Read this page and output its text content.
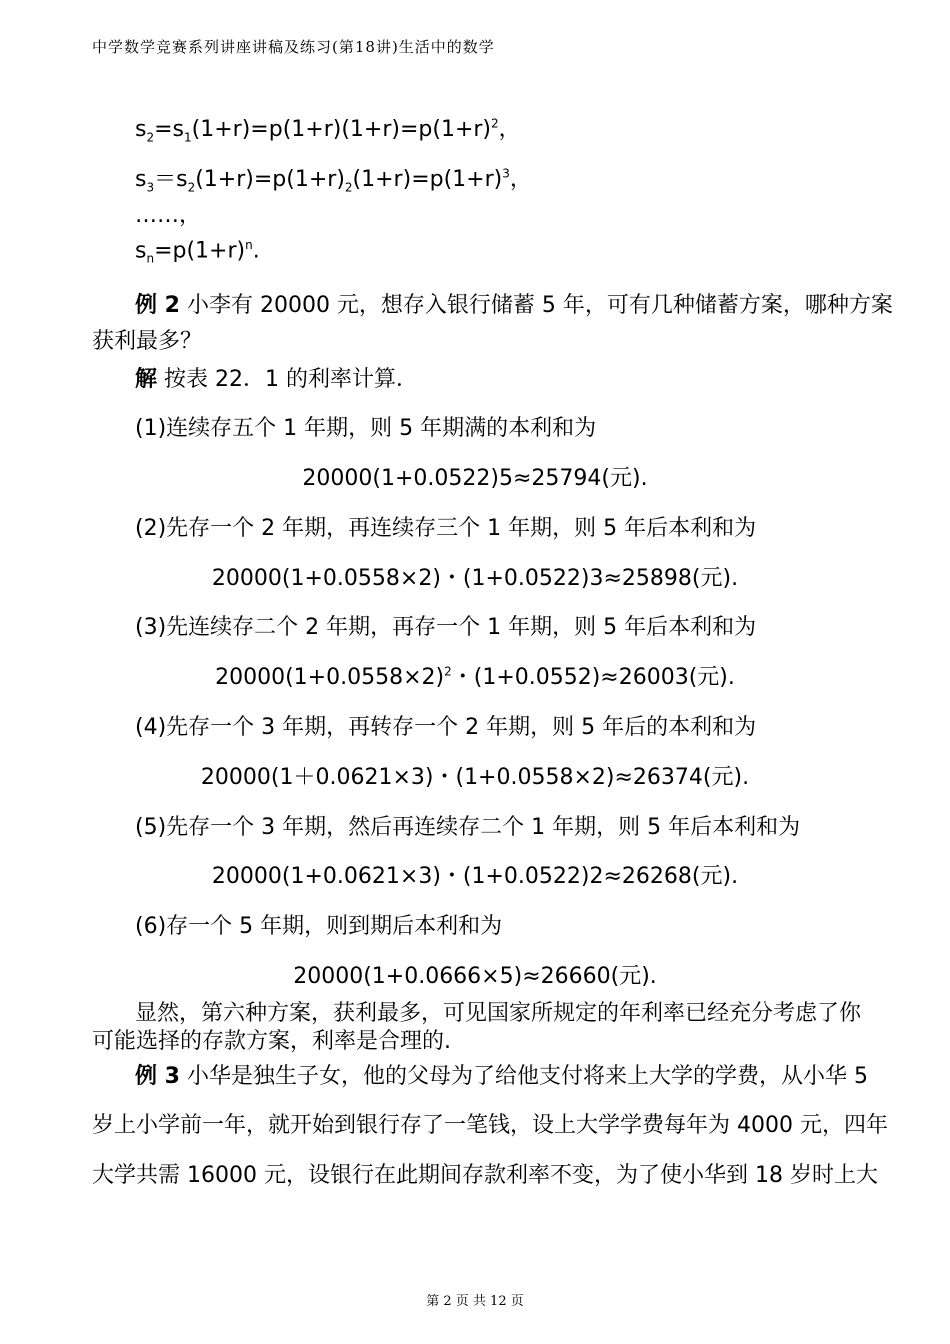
中学数学竞赛系列讲座讲稿及练习(第18讲)生活中的数学
$s_2=s_1(1+r)=p(1+r)(1+r)=p(1+r)^2$，
$s_3=s_2(1+r)=p(1+r)_2(1+r)=p(1+r)^3$，
……，
$s_n=p(1+r)^n$.
例 2 小李有 20000 元，想存入银行储蓄 5 年，可有几种储蓄方案，哪种方案
获利最多？
解 按表 22．1 的利率计算．
(1)连续存五个 1 年期，则 5 年期满的本利和为
20000(1+0.0522)5≈25794(元).
(2)先存一个 2 年期，再连续存三个 1 年期，则 5 年后本利和为
20000(1+0.0558×2)・(1+0.0522)3≈25898(元).
(3)先连续存二个 2 年期，再存一个 1 年期，则 5 年后本利和为
$20000(1+0.0558\times 2)^2$・(1+0.0552)≈26003(元).
(4)先存一个 3 年期，再转存一个 2 年期，则 5 年后的本利和为
20000(1＋0.0621×3)・(1+0.0558×2)≈26374(元).
(5)先存一个 3 年期，然后再连续存二个 1 年期，则 5 年后本利和为
20000(1+0.0621×3)・(1+0.0522)2≈26268(元).
(6)存一个 5 年期，则到期后本利和为
20000(1+0.0666×5)≈26660(元).
显然，第六种方案，获利最多，可见国家所规定的年利率已经充分考虑了你
可能选择的存款方案，利率是合理的.
例 3 小华是独生子女，他的父母为了给他支付将来上大学的学费，从小华 5
岁上小学前一年，就开始到银行存了一笔钱，设上大学学费每年为 4000 元，四年
大学共需 16000 元，设银行在此期间存款利率不变，为了使小华到 18 岁时上大
第 2 页 共 12 页
